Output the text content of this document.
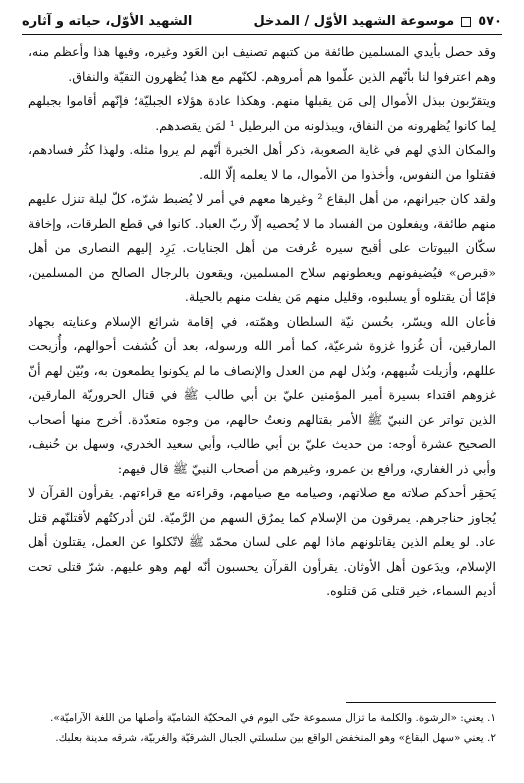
٥٧٠
موسوعة الشهيد الأوّل / المدخل
الشهيد الأوّل، حياته و آثاره

وقد حصل بأيدي المسلمين طائفة من كتبهم تصنيف ابن العَود وغيره، وفيها هذا وأعظم منه، وهم اعترفوا لنا بأنّهم الذين علّموا هم أمروهم. لكنّهم مع هذا يُظهرون التقيّة والنفاق.

ويتقرّبون ببذل الأموال إلى مَن يقبلها منهم. وهكذا عادة هؤلاء الجبليّة؛ فإنّهم أقاموا بجبلهم لِما كانوا يُظهرونه من النفاق، ويبذلونه من البرطيل ¹ لمَن يقصدهم.

والمكان الذي لهم في غاية الصعوبة، ذكر أهل الخبرة أنّهم لم يروا مثله. ولهذا كثُر فسادهم، فقتلوا من النفوس، وأخذوا من الأموال، ما لا يعلمه إلّا الله.

ولقد كان جيرانهم، من أهل البقاع ² وغيرها معهم في أمر لا يُضبط شرّه، كلّ ليلة تنزل عليهم منهم طائفة، ويفعلون من الفساد ما لا يُحصيه إلّا ربّ العباد. كانوا في قطع الطرقات، وإخافة سكّان البيوتات على أقبح سيره عُرفت من أهل الجنايات. يَرِد إليهم النصارى من أهل «قبرص» فيُضيفونهم ويعطونهم سلاح المسلمين، ويقعون بالرجال الصالح من المسلمين، فإمّا أن يقتلوه أو يسلبوه، وقليل منهم مَن يفلت منهم بالحيلة.

فأعان الله ويسّر، بحُسن نيّة السلطان وهمّته، في إقامة شرائع الإسلام وعنايته بجهاد المارقين، أن غُزوا غزوة شرعيّة، كما أمر الله ورسوله، بعد أن كُشفت أحوالهم، وأُزيحت عللهم، وأزيلت شُبههم، وبُذل لهم من العدل والإنصاف ما لم يكونوا يطمعون به، وبُيّن لهم أنّ غزوهم اقتداء بسيرة أمير المؤمنين عليّ بن أبي طالب ﷺ في قتال الحروريّة المارقين، الذين تواتر عن النبيّ ﷺ الأمر بقتالهم ونعتُ حالهم، من وجوه متعدّدة. أخرج منها أصحاب الصحيح عشرة أوجه: من حديث عليّ بن أبي طالب، وأبي سعيد الخدري، وسهل بن حُنيف، وأبي ذر الغفاري، ورافع بن عمرو، وغيرهم من أصحاب النبيّ ﷺ قال فيهم:

يَحقِر أحدكم صلاته مع صلاتهم، وصيامه مع صيامهم، وقراءته مع قراءتهم. يقرأون القرآن لا يُجاوز حناجرهم. يمرقون من الإسلام كما يمرُق السهم من الرَّميّة. لئن أدركتُهم لأقتلنّهم قتل عاد. لو يعلم الذين يقاتلونهم ماذا لهم على لسان محمّد ﷺ لاتّكلوا عن العمل، يقتلون أهل الإسلام، ويدَعون أهل الأوثان. يقرأون القرآن يحسبون أنّه لهم وهو عليهم. شرّ قتلى تحت أديم السماء، خير قتلى مَن قتلوه.

١. يعني: «الرشوة. والكلمة ما تزال مسموعة حتّى اليوم في المحكيّة الشاميّة وأصلها من اللغة الآراميّة».

٢. يعني «سهل البقاع» وهو المنخفض الواقع بين سلسلتي الجبال الشرقيّة والغربيّة، شرقه مدينة بعلبك.
